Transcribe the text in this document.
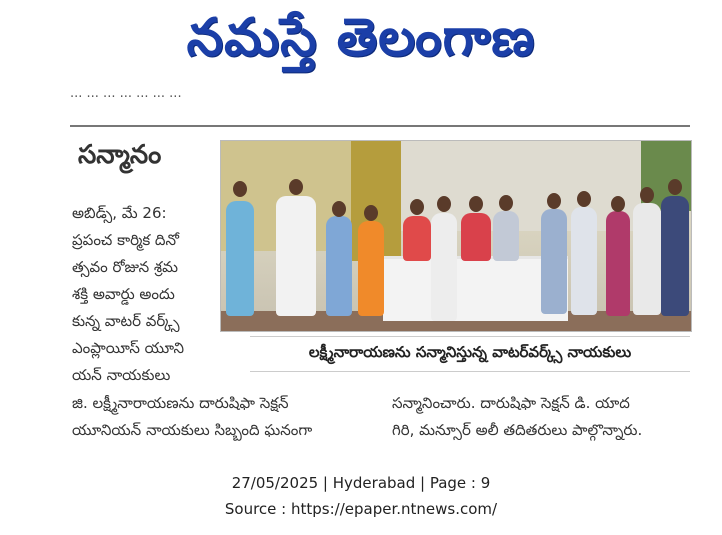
నమస్తే తెలంగాణ
... ... ... ... ... ... ...
సన్మానం
అబిడ్స్, మే 26:
ప్రపంచ కార్మిక దినో
త్సవం రోజున శ్రమ
శక్తి అవార్డు అందు
కున్న వాటర్ వర్క్స్
ఎంప్లాయీస్ యూని
యన్ నాయకులు
లక్ష్మీనారాయణను సన్మానిస్తున్న వాటర్‌వర్క్స్ నాయకులు
జి. లక్ష్మీనారాయణను దారుషిఫా సెక్షన్
యూనియన్ నాయకులు సిబ్బంది ఘనంగా
సన్మానించారు. దారుషిఫా సెక్షన్ డి. యాద
గిరి, మన్సూర్ అలీ తదితరులు పాల్గొన్నారు.
27/05/2025 | Hyderabad | Page : 9
Source : https://epaper.ntnews.com/
